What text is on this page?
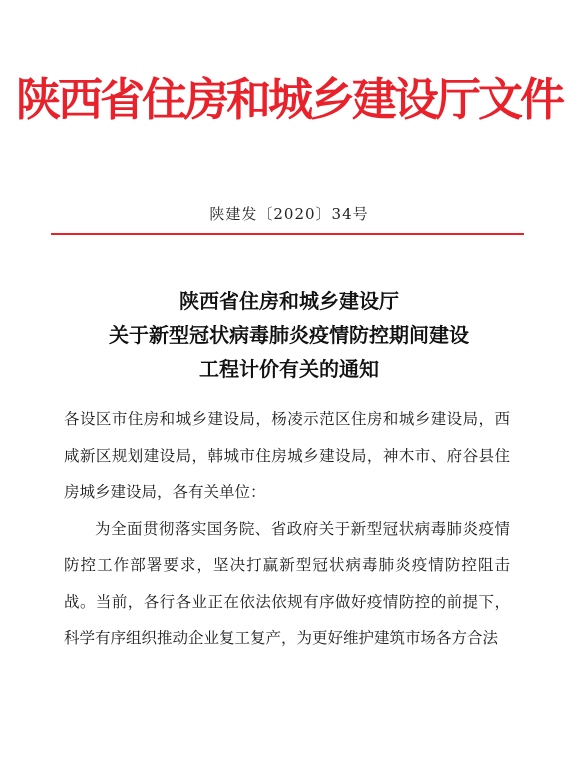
陕西省住房和城乡建设厅文件
陕建发〔2020〕34号
陕西省住房和城乡建设厅
关于新型冠状病毒肺炎疫情防控期间建设
工程计价有关的通知

各设区市住房和城乡建设局，杨凌示范区住房和城乡建设局，西咸新区规划建设局，韩城市住房城乡建设局，神木市、府谷县住房城乡建设局，各有关单位：

为全面贯彻落实国务院、省政府关于新型冠状病毒肺炎疫情防控工作部署要求，坚决打赢新型冠状病毒肺炎疫情防控阻击战。当前，各行各业正在依法依规有序做好疫情防控的前提下，科学有序组织推动企业复工复产，为更好维护建筑市场各方合法
